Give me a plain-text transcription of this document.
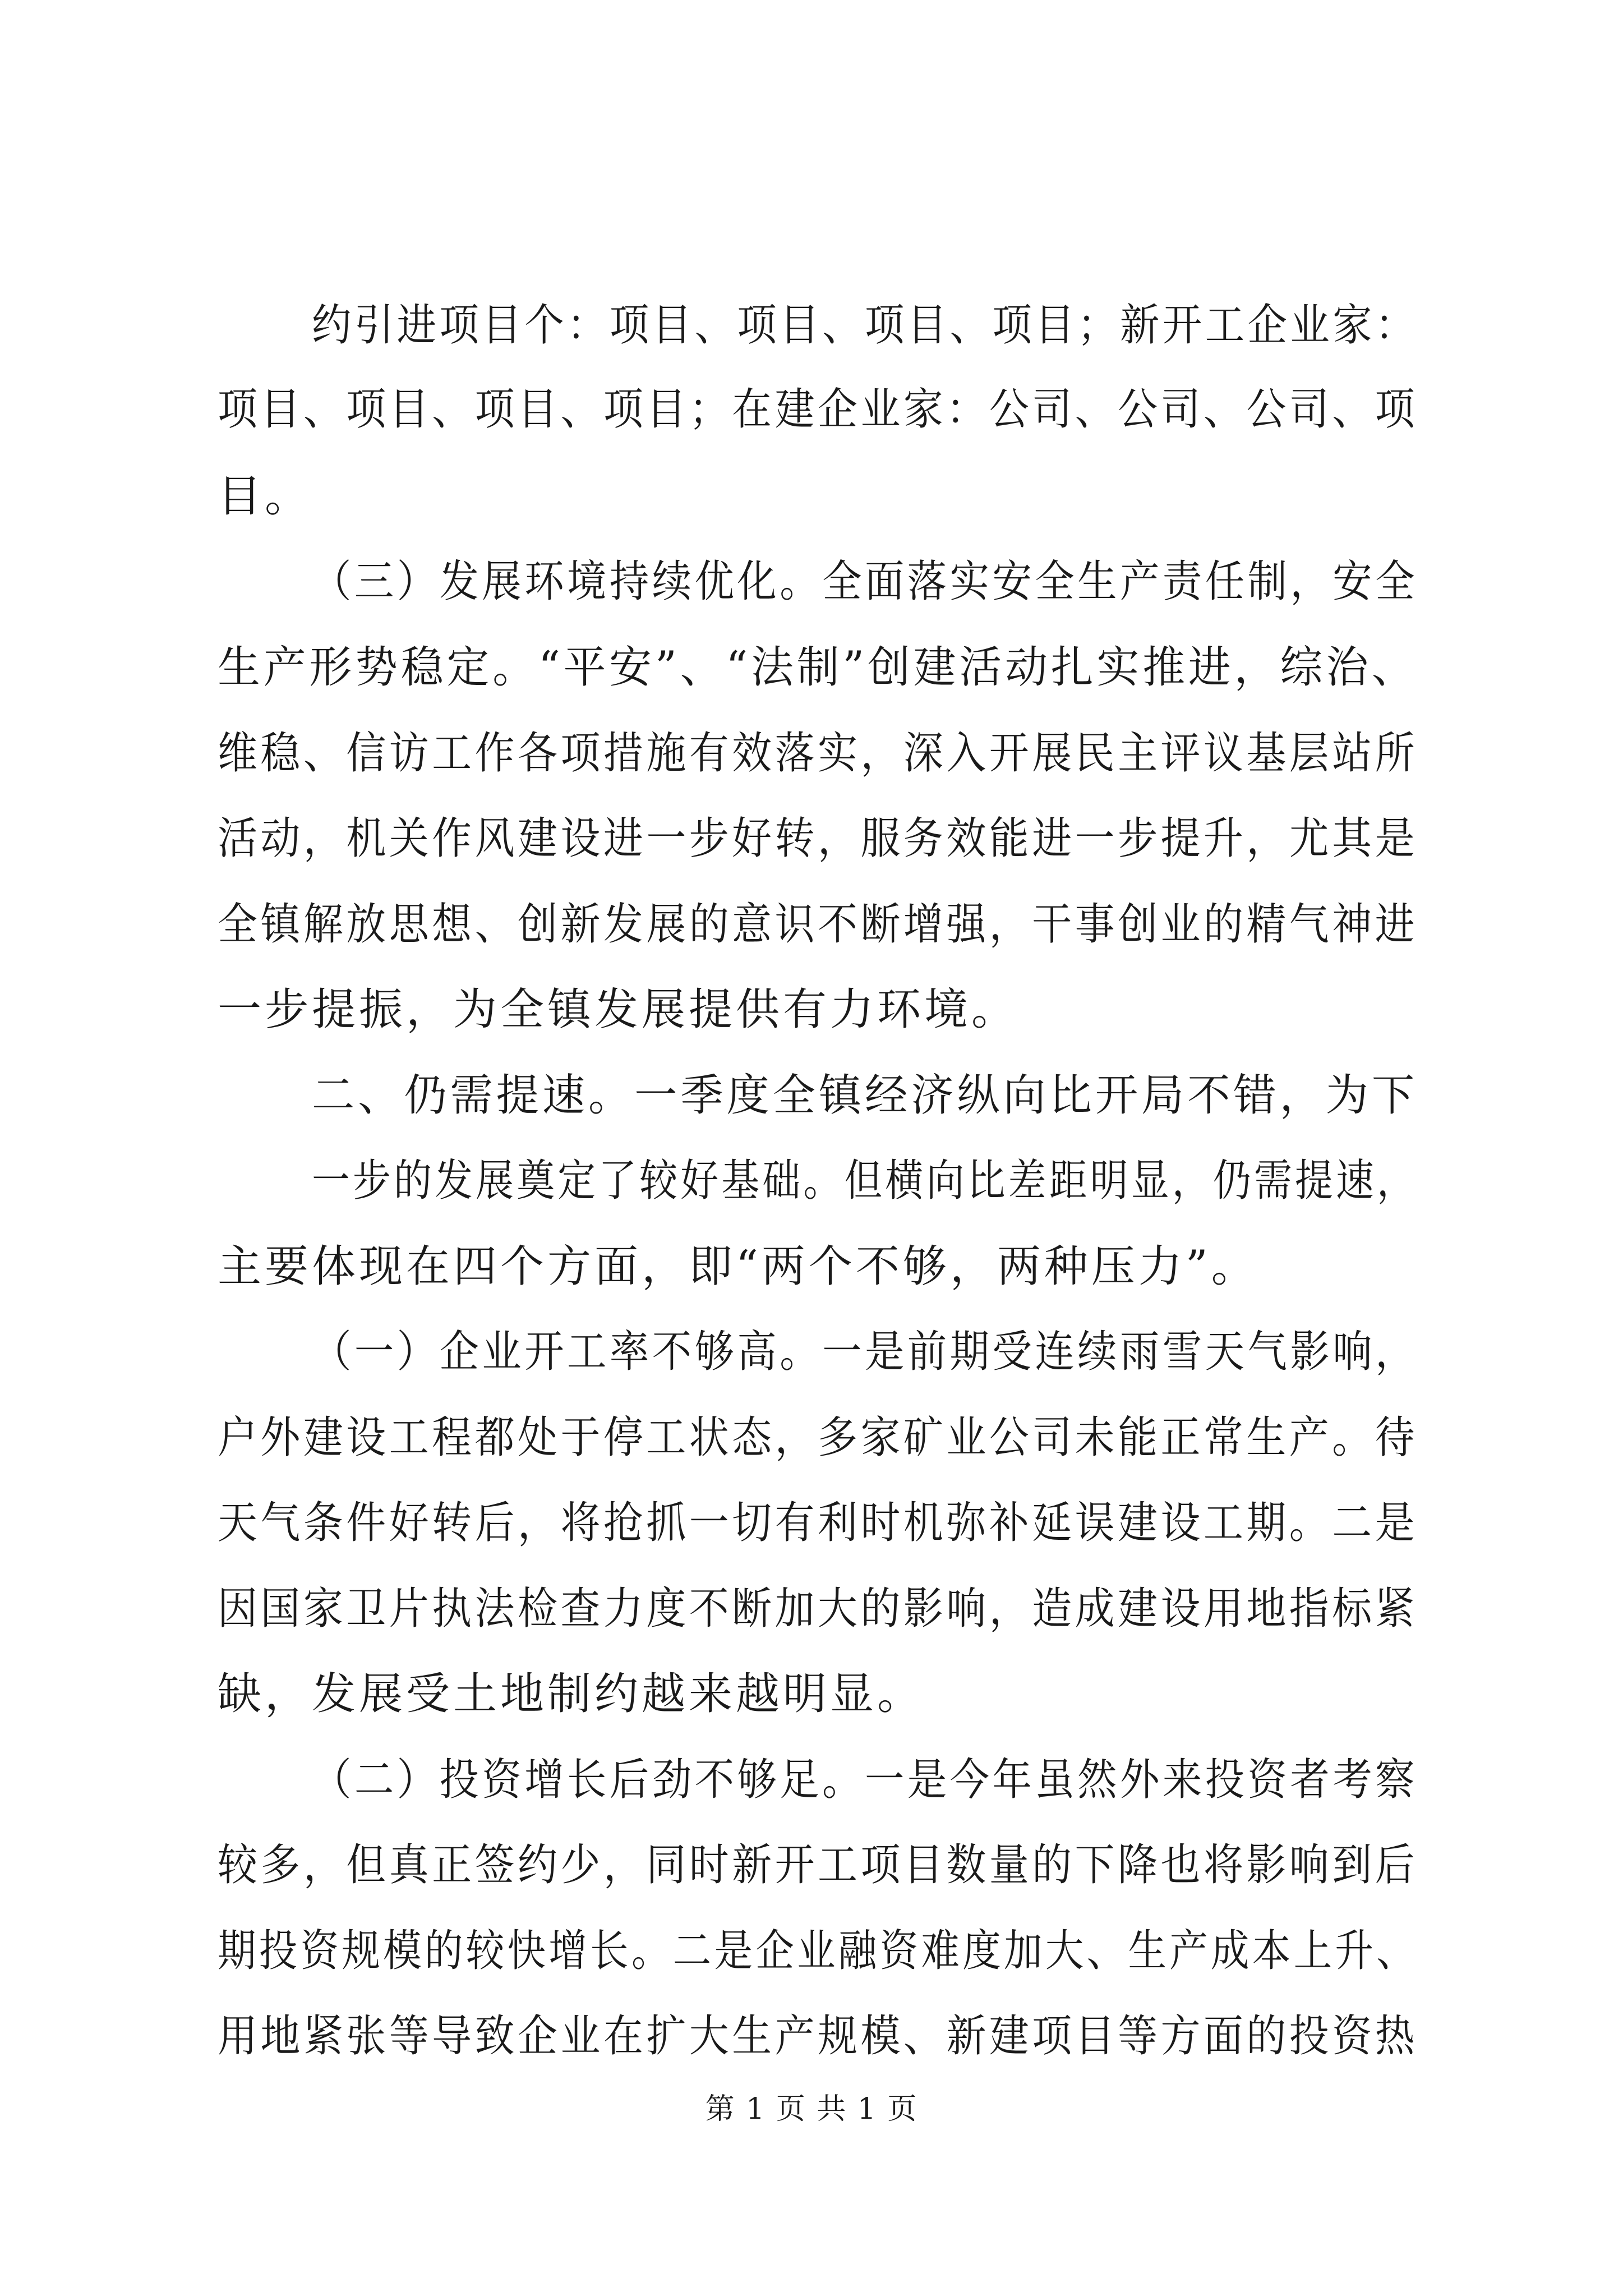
约引进项目个：项目、项目、项目、项目；新开工企业家：
项目、项目、项目、项目；在建企业家：公司、公司、公司、项
目。
（三）发展环境持续优化。全面落实安全生产责任制，安全
生产形势稳定。“平安”、“法制”创建活动扎实推进，综治、
维稳、信访工作各项措施有效落实，深入开展民主评议基层站所
活动，机关作风建设进一步好转，服务效能进一步提升，尤其是
全镇解放思想、创新发展的意识不断增强，干事创业的精气神进
一步提振，为全镇发展提供有力环境。
二、仍需提速。一季度全镇经济纵向比开局不错，为下
一步的发展奠定了较好基础。但横向比差距明显，仍需提速，
主要体现在四个方面，即“两个不够，两种压力”。
（一）企业开工率不够高。一是前期受连续雨雪天气影响，
户外建设工程都处于停工状态，多家矿业公司未能正常生产。待
天气条件好转后，将抢抓一切有利时机弥补延误建设工期。二是
因国家卫片执法检查力度不断加大的影响，造成建设用地指标紧
缺，发展受土地制约越来越明显。
（二）投资增长后劲不够足。一是今年虽然外来投资者考察
较多，但真正签约少，同时新开工项目数量的下降也将影响到后
期投资规模的较快增长。二是企业融资难度加大、生产成本上升、
用地紧张等导致企业在扩大生产规模、新建项目等方面的投资热
第 1 页 共 1 页
